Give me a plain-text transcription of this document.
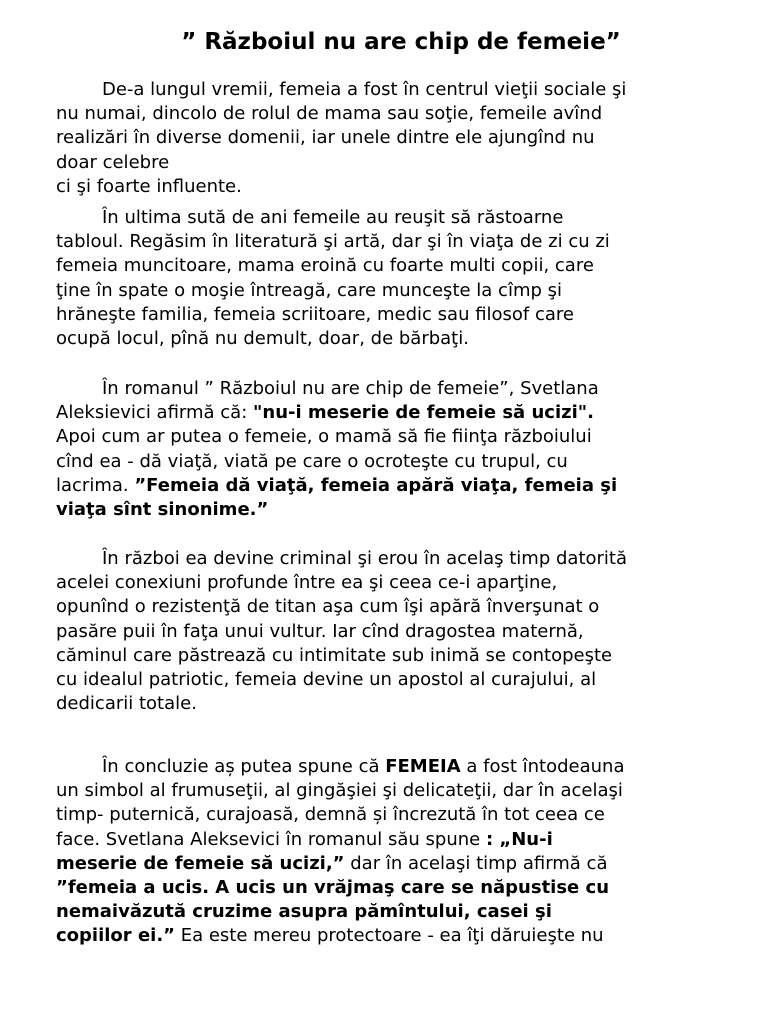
” Războiul nu are chip de femeie”

De-a lungul vremii, femeia a fost în centrul vieţii sociale şi
nu numai, dincolo de rolul de mama sau soţie, femeile avînd
realizări în diverse domenii, iar unele dintre ele ajungînd nu
doar celebre
ci şi foarte influente.

În ultima sută de ani femeile au reuşit să răstoarne
tabloul. Regăsim în literatură şi artă, dar şi în viaţa de zi cu zi
femeia muncitoare, mama eroină cu foarte multi copii, care
ţine în spate o moşie întreagă, care munceşte la cîmp şi
hrăneşte familia, femeia scriitoare, medic sau filosof care
ocupă locul, pînă nu demult, doar, de bărbaţi.

În romanul ” Războiul nu are chip de femeie”, Svetlana
Aleksievici afirmă că: "nu-i meserie de femeie să ucizi".
Apoi cum ar putea o femeie, o mamă să fie fiinţa războiului
cînd ea - dă viaţă, viată pe care o ocroteşte cu trupul, cu
lacrima. ”Femeia dă viaţă, femeia apără viaţa, femeia şi
viaţa sînt sinonime.”

În război ea devine criminal şi erou în acelaş timp datorită
acelei conexiuni profunde între ea şi ceea ce-i aparţine,
opunînd o rezistenţă de titan aşa cum îşi apără înverşunat o
pasăre puii în faţa unui vultur. Iar cînd dragostea maternă,
căminul care păstrează cu intimitate sub inimă se contopeşte
cu idealul patriotic, femeia devine un apostol al curajului, al
dedicarii totale.

În concluzie aș putea spune că FEMEIA a fost întodeauna
un simbol al frumuseţii, al gingăşiei şi delicateţii, dar în acelaşi
timp- puternică, curajoasă, demnă și încrezută în tot ceea ce
face. Svetlana Aleksevici în romanul său spune : „Nu-i
meserie de femeie să ucizi,” dar în acelaşi timp afirmă că
”femeia a ucis. A ucis un vrăjmaş care se năpustise cu
nemaivăzută cruzime asupra pămîntului, casei şi
copiilor ei.” Ea este mereu protectoare - ea îţi dăruieşte nu
